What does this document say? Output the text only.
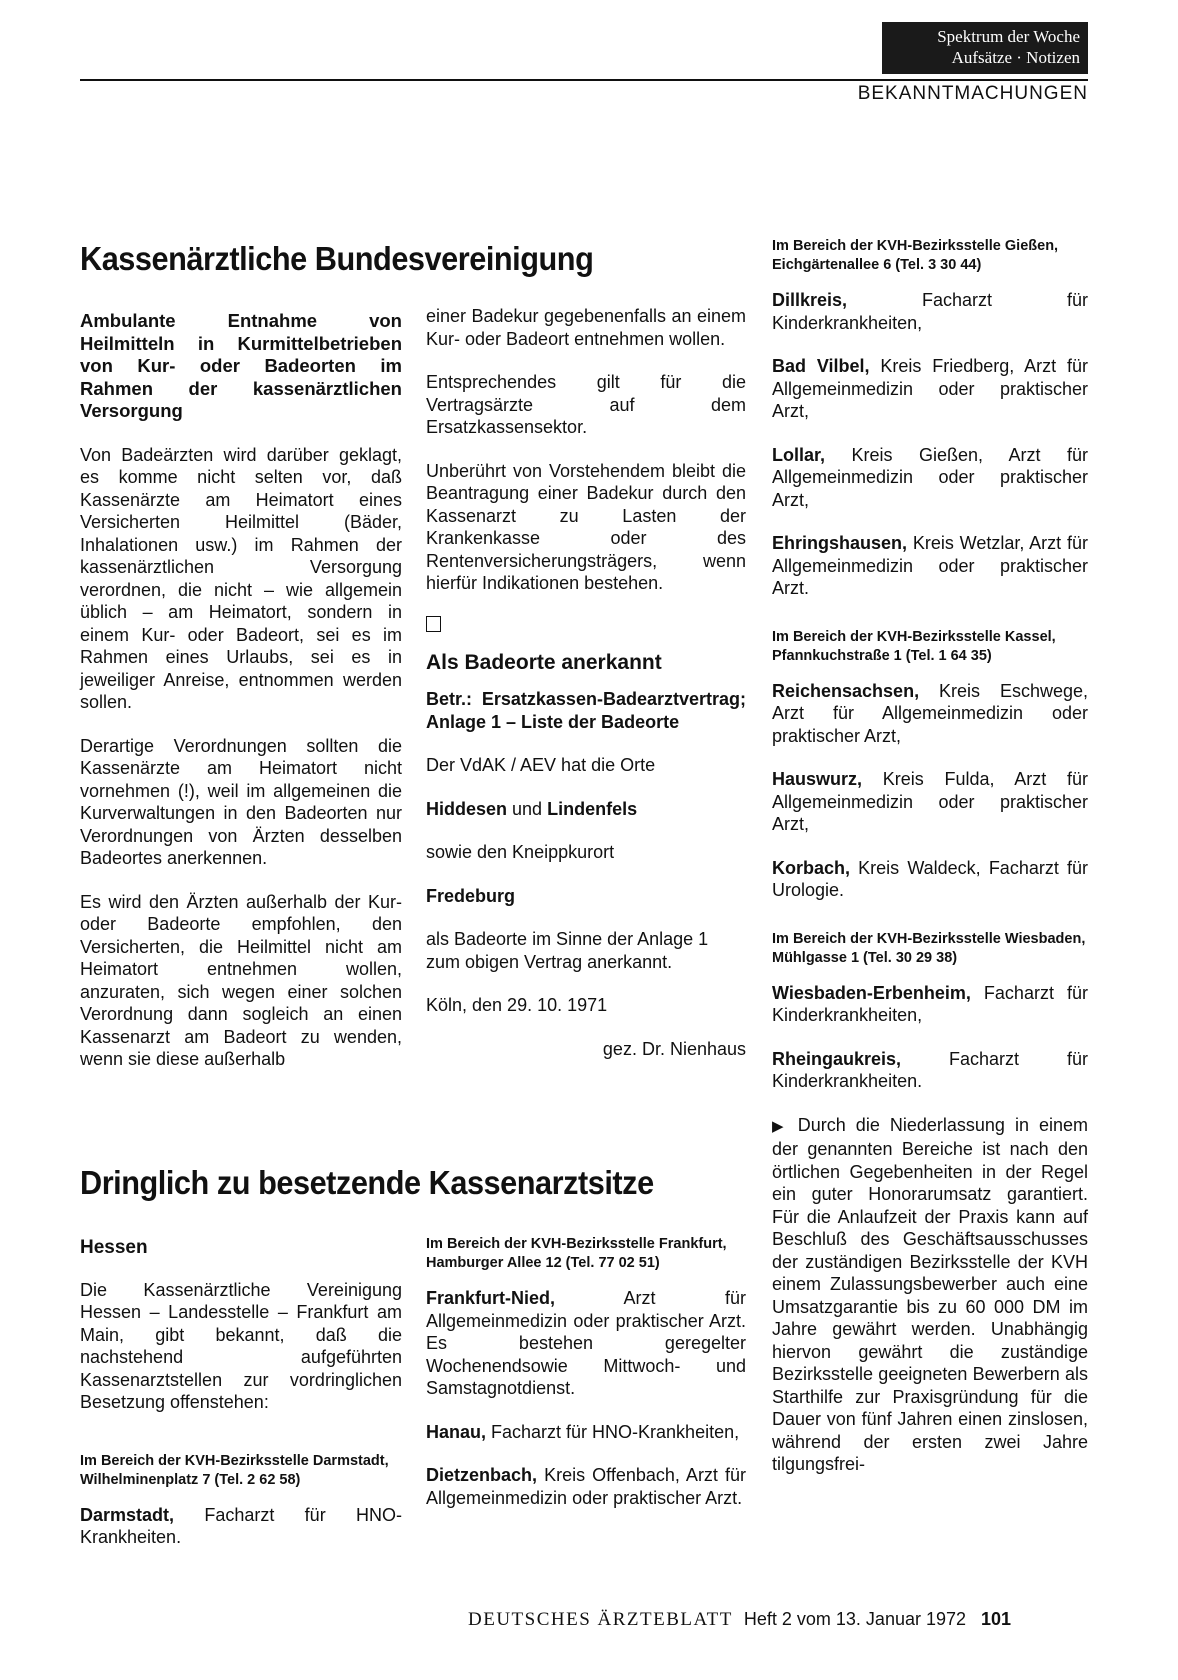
Spektrum der Woche
Aufsätze · Notizen
BEKANNTMACHUNGEN
Kassenärztliche Bundesvereinigung
Ambulante Entnahme von Heilmitteln in Kurmittelbetrieben von Kur- oder Badeorten im Rahmen der kassenärztlichen Versorgung

Von Badeärzten wird darüber geklagt, es komme nicht selten vor, daß Kassenärzte am Heimatort eines Versicherten Heilmittel (Bäder, Inhalationen usw.) im Rahmen der kassenärztlichen Versorgung verordnen, die nicht – wie allgemein üblich – am Heimatort, sondern in einem Kur- oder Badeort, sei es im Rahmen eines Urlaubs, sei es in jeweiliger Anreise, entnommen werden sollen.

Derartige Verordnungen sollten die Kassenärzte am Heimatort nicht vornehmen (!), weil im allgemeinen die Kurverwaltungen in den Badeorten nur Verordnungen von Ärzten desselben Badeortes anerkennen.

Es wird den Ärzten außerhalb der Kur- oder Badeorte empfohlen, den Versicherten, die Heilmittel nicht am Heimatort entnehmen wollen, anzuraten, sich wegen einer solchen Verordnung dann sogleich an einen Kassenarzt am Badeort zu wenden, wenn sie diese außerhalb

einer Badekur gegebenenfalls an einem Kur- oder Badeort entnehmen wollen.

Entsprechendes gilt für die Vertragsärzte auf dem Ersatzkassensektor.

Unberührt von Vorstehendem bleibt die Beantragung einer Badekur durch den Kassenarzt zu Lasten der Krankenkasse oder des Rentenversicherungsträgers, wenn hierfür Indikationen bestehen.

Als Badeorte anerkannt

Betr.: Ersatzkassen-Badearztvertrag; Anlage 1 – Liste der Badeorte

Der VdAK / AEV hat die Orte

Hiddesen und Lindenfels

sowie den Kneippkurort

Fredeburg

als Badeorte im Sinne der Anlage 1 zum obigen Vertrag anerkannt.

Köln, den 29. 10. 1971

gez. Dr. Nienhaus

Im Bereich der KVH-Bezirksstelle Gießen, Eichgärtenallee 6 (Tel. 3 30 44)

Dillkreis, Facharzt für Kinderkrankheiten,

Bad Vilbel, Kreis Friedberg, Arzt für Allgemeinmedizin oder praktischer Arzt,

Lollar, Kreis Gießen, Arzt für Allgemeinmedizin oder praktischer Arzt,

Ehringshausen, Kreis Wetzlar, Arzt für Allgemeinmedizin oder praktischer Arzt.

Im Bereich der KVH-Bezirksstelle Kassel, Pfannkuchstraße 1 (Tel. 1 64 35)

Reichensachsen, Kreis Eschwege, Arzt für Allgemeinmedizin oder praktischer Arzt,

Hauswurz, Kreis Fulda, Arzt für Allgemeinmedizin oder praktischer Arzt,

Korbach, Kreis Waldeck, Facharzt für Urologie.

Im Bereich der KVH-Bezirksstelle Wiesbaden, Mühlgasse 1 (Tel. 30 29 38)

Wiesbaden-Erbenheim, Facharzt für Kinderkrankheiten,

Rheingaukreis, Facharzt für Kinderkrankheiten.

▶ Durch die Niederlassung in einem der genannten Bereiche ist nach den örtlichen Gegebenheiten in der Regel ein guter Honorarumsatz garantiert. Für die Anlaufzeit der Praxis kann auf Beschluß des Geschäftsausschusses der zuständigen Bezirksstelle der KVH einem Zulassungsbewerber auch eine Umsatzgarantie bis zu 60 000 DM im Jahre gewährt werden. Unabhängig hiervon gewährt die zuständige Bezirksstelle geeigneten Bewerbern als Starthilfe zur Praxisgründung für die Dauer von fünf Jahren einen zinslosen, während der ersten zwei Jahre tilgungsfrei-

Dringlich zu besetzende Kassenarztsitze
Hessen

Die Kassenärztliche Vereinigung Hessen – Landesstelle – Frankfurt am Main, gibt bekannt, daß die nachstehend aufgeführten Kassenarztstellen zur vordringlichen Besetzung offenstehen:

Im Bereich der KVH-Bezirksstelle Darmstadt, Wilhelminenplatz 7 (Tel. 2 62 58)

Darmstadt, Facharzt für HNO-Krankheiten.

Im Bereich der KVH-Bezirksstelle Frankfurt, Hamburger Allee 12 (Tel. 77 02 51)

Frankfurt-Nied, Arzt für Allgemeinmedizin oder praktischer Arzt. Es bestehen geregelter Wochenendsowie Mittwoch- und Samstagnotdienst.

Hanau, Facharzt für HNO-Krankheiten,

Dietzenbach, Kreis Offenbach, Arzt für Allgemeinmedizin oder praktischer Arzt.

DEUTSCHES ÄRZTEBLATT Heft 2 vom 13. Januar 1972 101
